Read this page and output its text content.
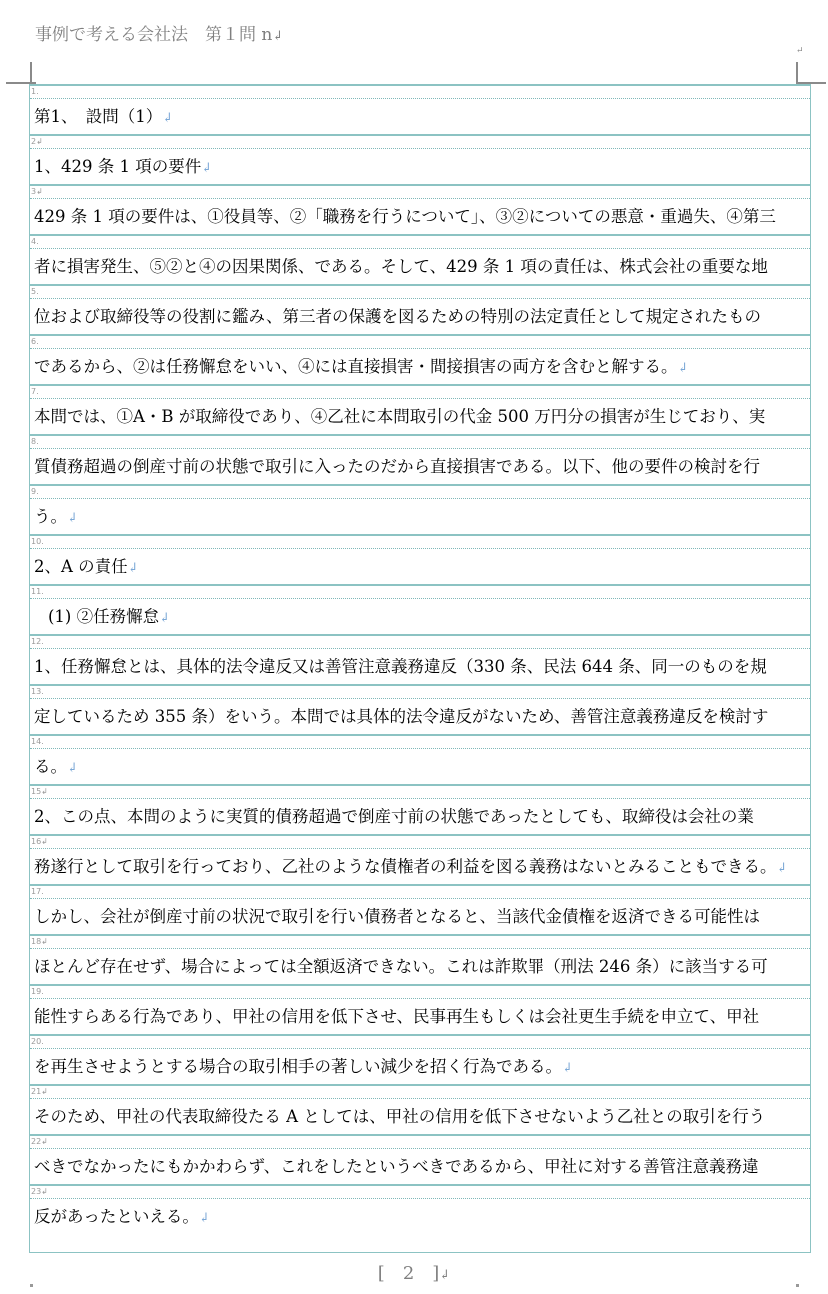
事例で考える会社法　第１問 n↲
↵
1.
第1、　設問（1）↲
2↲
1、429 条 1 項の要件↲
3↲
429 条 1 項の要件は、①役員等、②「職務を行うについて」、③②についての悪意・重過失、④第三
4.
者に損害発生、⑤②と④の因果関係、である。そして、429 条 1 項の責任は、株式会社の重要な地
5.
位および取締役等の役割に鑑み、第三者の保護を図るための特別の法定責任として規定されたもの
6.
であるから、②は任務懈怠をいい、④には直接損害・間接損害の両方を含むと解する。↲
7.
本問では、①A・B が取締役であり、④乙社に本問取引の代金 500 万円分の損害が生じており、実
8.
質債務超過の倒産寸前の状態で取引に入ったのだから直接損害である。以下、他の要件の検討を行
9.
う。↲
10.
2、A の責任↲
11.
(1) ②任務懈怠↲
12.
1、任務懈怠とは、具体的法令違反又は善管注意義務違反（330 条、民法 644 条、同一のものを規
13.
定しているため 355 条）をいう。本問では具体的法令違反がないため、善管注意義務違反を検討す
14.
る。↲
15↲
2、この点、本問のように実質的債務超過で倒産寸前の状態であったとしても、取締役は会社の業
16↲
務遂行として取引を行っており、乙社のような債権者の利益を図る義務はないとみることもできる。↲
17.
しかし、会社が倒産寸前の状況で取引を行い債務者となると、当該代金債権を返済できる可能性は
18↲
ほとんど存在せず、場合によっては全額返済できない。これは詐欺罪（刑法 246 条）に該当する可
19.
能性すらある行為であり、甲社の信用を低下させ、民事再生もしくは会社更生手続を申立て、甲社
20.
を再生させようとする場合の取引相手の著しい減少を招く行為である。↲
21↲
そのため、甲社の代表取締役たる A としては、甲社の信用を低下させないよう乙社との取引を行う
22↲
べきでなかったにもかかわらず、これをしたというべきであるから、甲社に対する善管注意義務違
23↲
反があったといえる。↲
[　2　]↲
